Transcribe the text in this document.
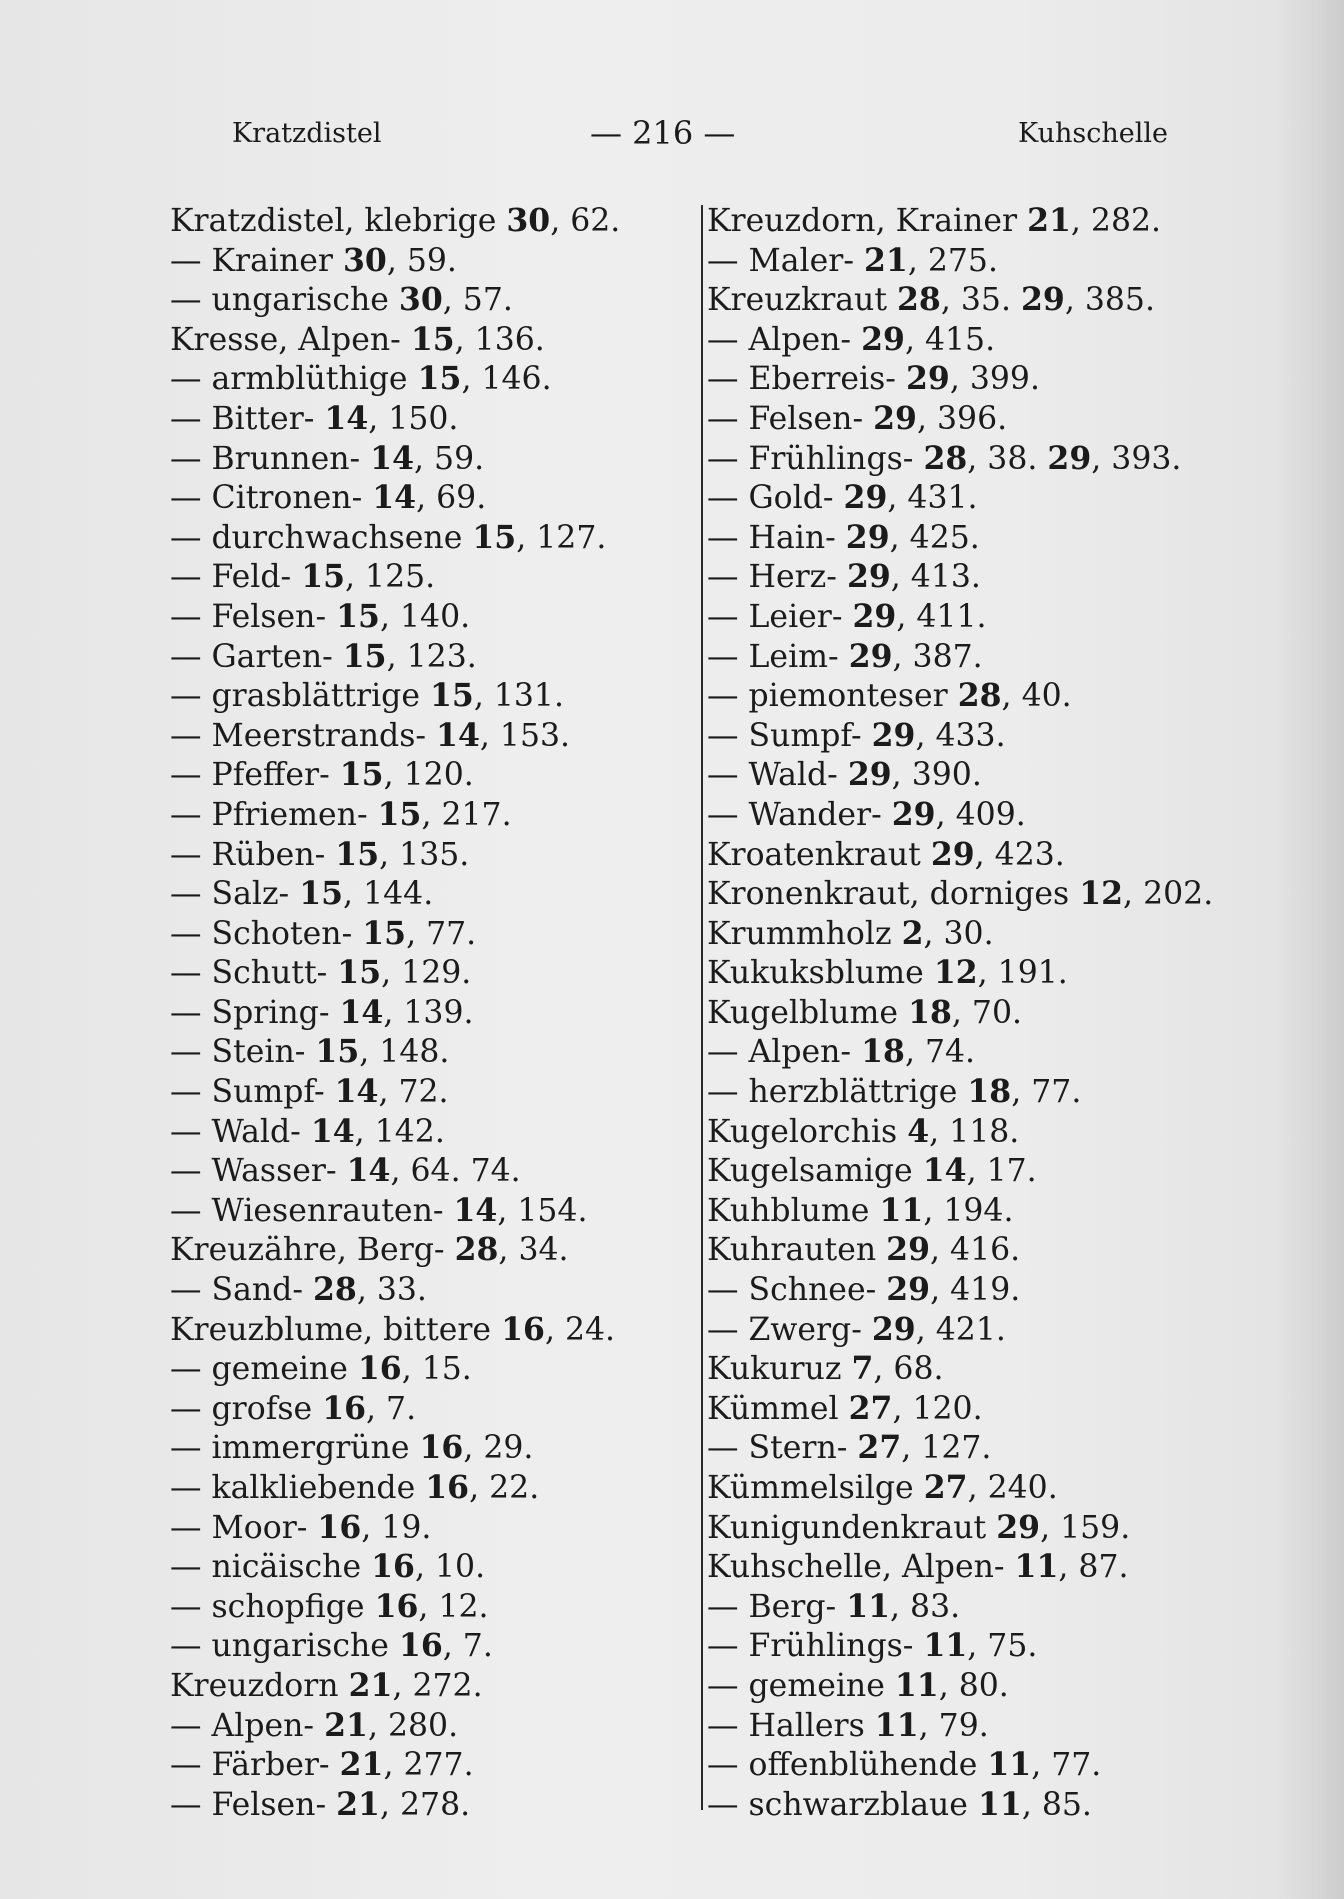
Kratzdistel	— 216 —	Kuhschelle
Kratzdistel, klebrige 30, 62.
— Krainer 30, 59.
— ungarische 30, 57.
Kresse, Alpen- 15, 136.
— armblüthige 15, 146.
— Bitter- 14, 150.
— Brunnen- 14, 59.
— Citronen- 14, 69.
— durchwachsene 15, 127.
— Feld- 15, 125.
— Felsen- 15, 140.
— Garten- 15, 123.
— grasblättrige 15, 131.
— Meerstrands- 14, 153.
— Pfeffer- 15, 120.
— Pfriemen- 15, 217.
— Rüben- 15, 135.
— Salz- 15, 144.
— Schoten- 15, 77.
— Schutt- 15, 129.
— Spring- 14, 139.
— Stein- 15, 148.
— Sumpf- 14, 72.
— Wald- 14, 142.
— Wasser- 14, 64. 74.
— Wiesenrauten- 14, 154.
Kreuzähre, Berg- 28, 34.
— Sand- 28, 33.
Kreuzblume, bittere 16, 24.
— gemeine 16, 15.
— grofse 16, 7.
— immergrüne 16, 29.
— kalkliebende 16, 22.
— Moor- 16, 19.
— nicäische 16, 10.
— schopfige 16, 12.
— ungarische 16, 7.
Kreuzdorn 21, 272.
— Alpen- 21, 280.
— Färber- 21, 277.
— Felsen- 21, 278.
Kreuzdorn, Krainer 21, 282.
— Maler- 21, 275.
Kreuzkraut 28, 35. 29, 385.
— Alpen- 29, 415.
— Eberreis- 29, 399.
— Felsen- 29, 396.
— Frühlings- 28, 38. 29, 393.
— Gold- 29, 431.
— Hain- 29, 425.
— Herz- 29, 413.
— Leier- 29, 411.
— Leim- 29, 387.
— piemonteser 28, 40.
— Sumpf- 29, 433.
— Wald- 29, 390.
— Wander- 29, 409.
Kroatenkraut 29, 423.
Kronenkraut, dorniges 12, 202.
Krummholz 2, 30.
Kukuksblume 12, 191.
Kugelblume 18, 70.
— Alpen- 18, 74.
— herzblättrige 18, 77.
Kugelorchis 4, 118.
Kugelsamige 14, 17.
Kuhblume 11, 194.
Kuhrauten 29, 416.
— Schnee- 29, 419.
— Zwerg- 29, 421.
Kukuruz 7, 68.
Kümmel 27, 120.
— Stern- 27, 127.
Kümmelsilge 27, 240.
Kunigundenkraut 29, 159.
Kuhschelle, Alpen- 11, 87.
— Berg- 11, 83.
— Frühlings- 11, 75.
— gemeine 11, 80.
— Hallers 11, 79.
— offenblühende 11, 77.
— schwarzblaue 11, 85.
